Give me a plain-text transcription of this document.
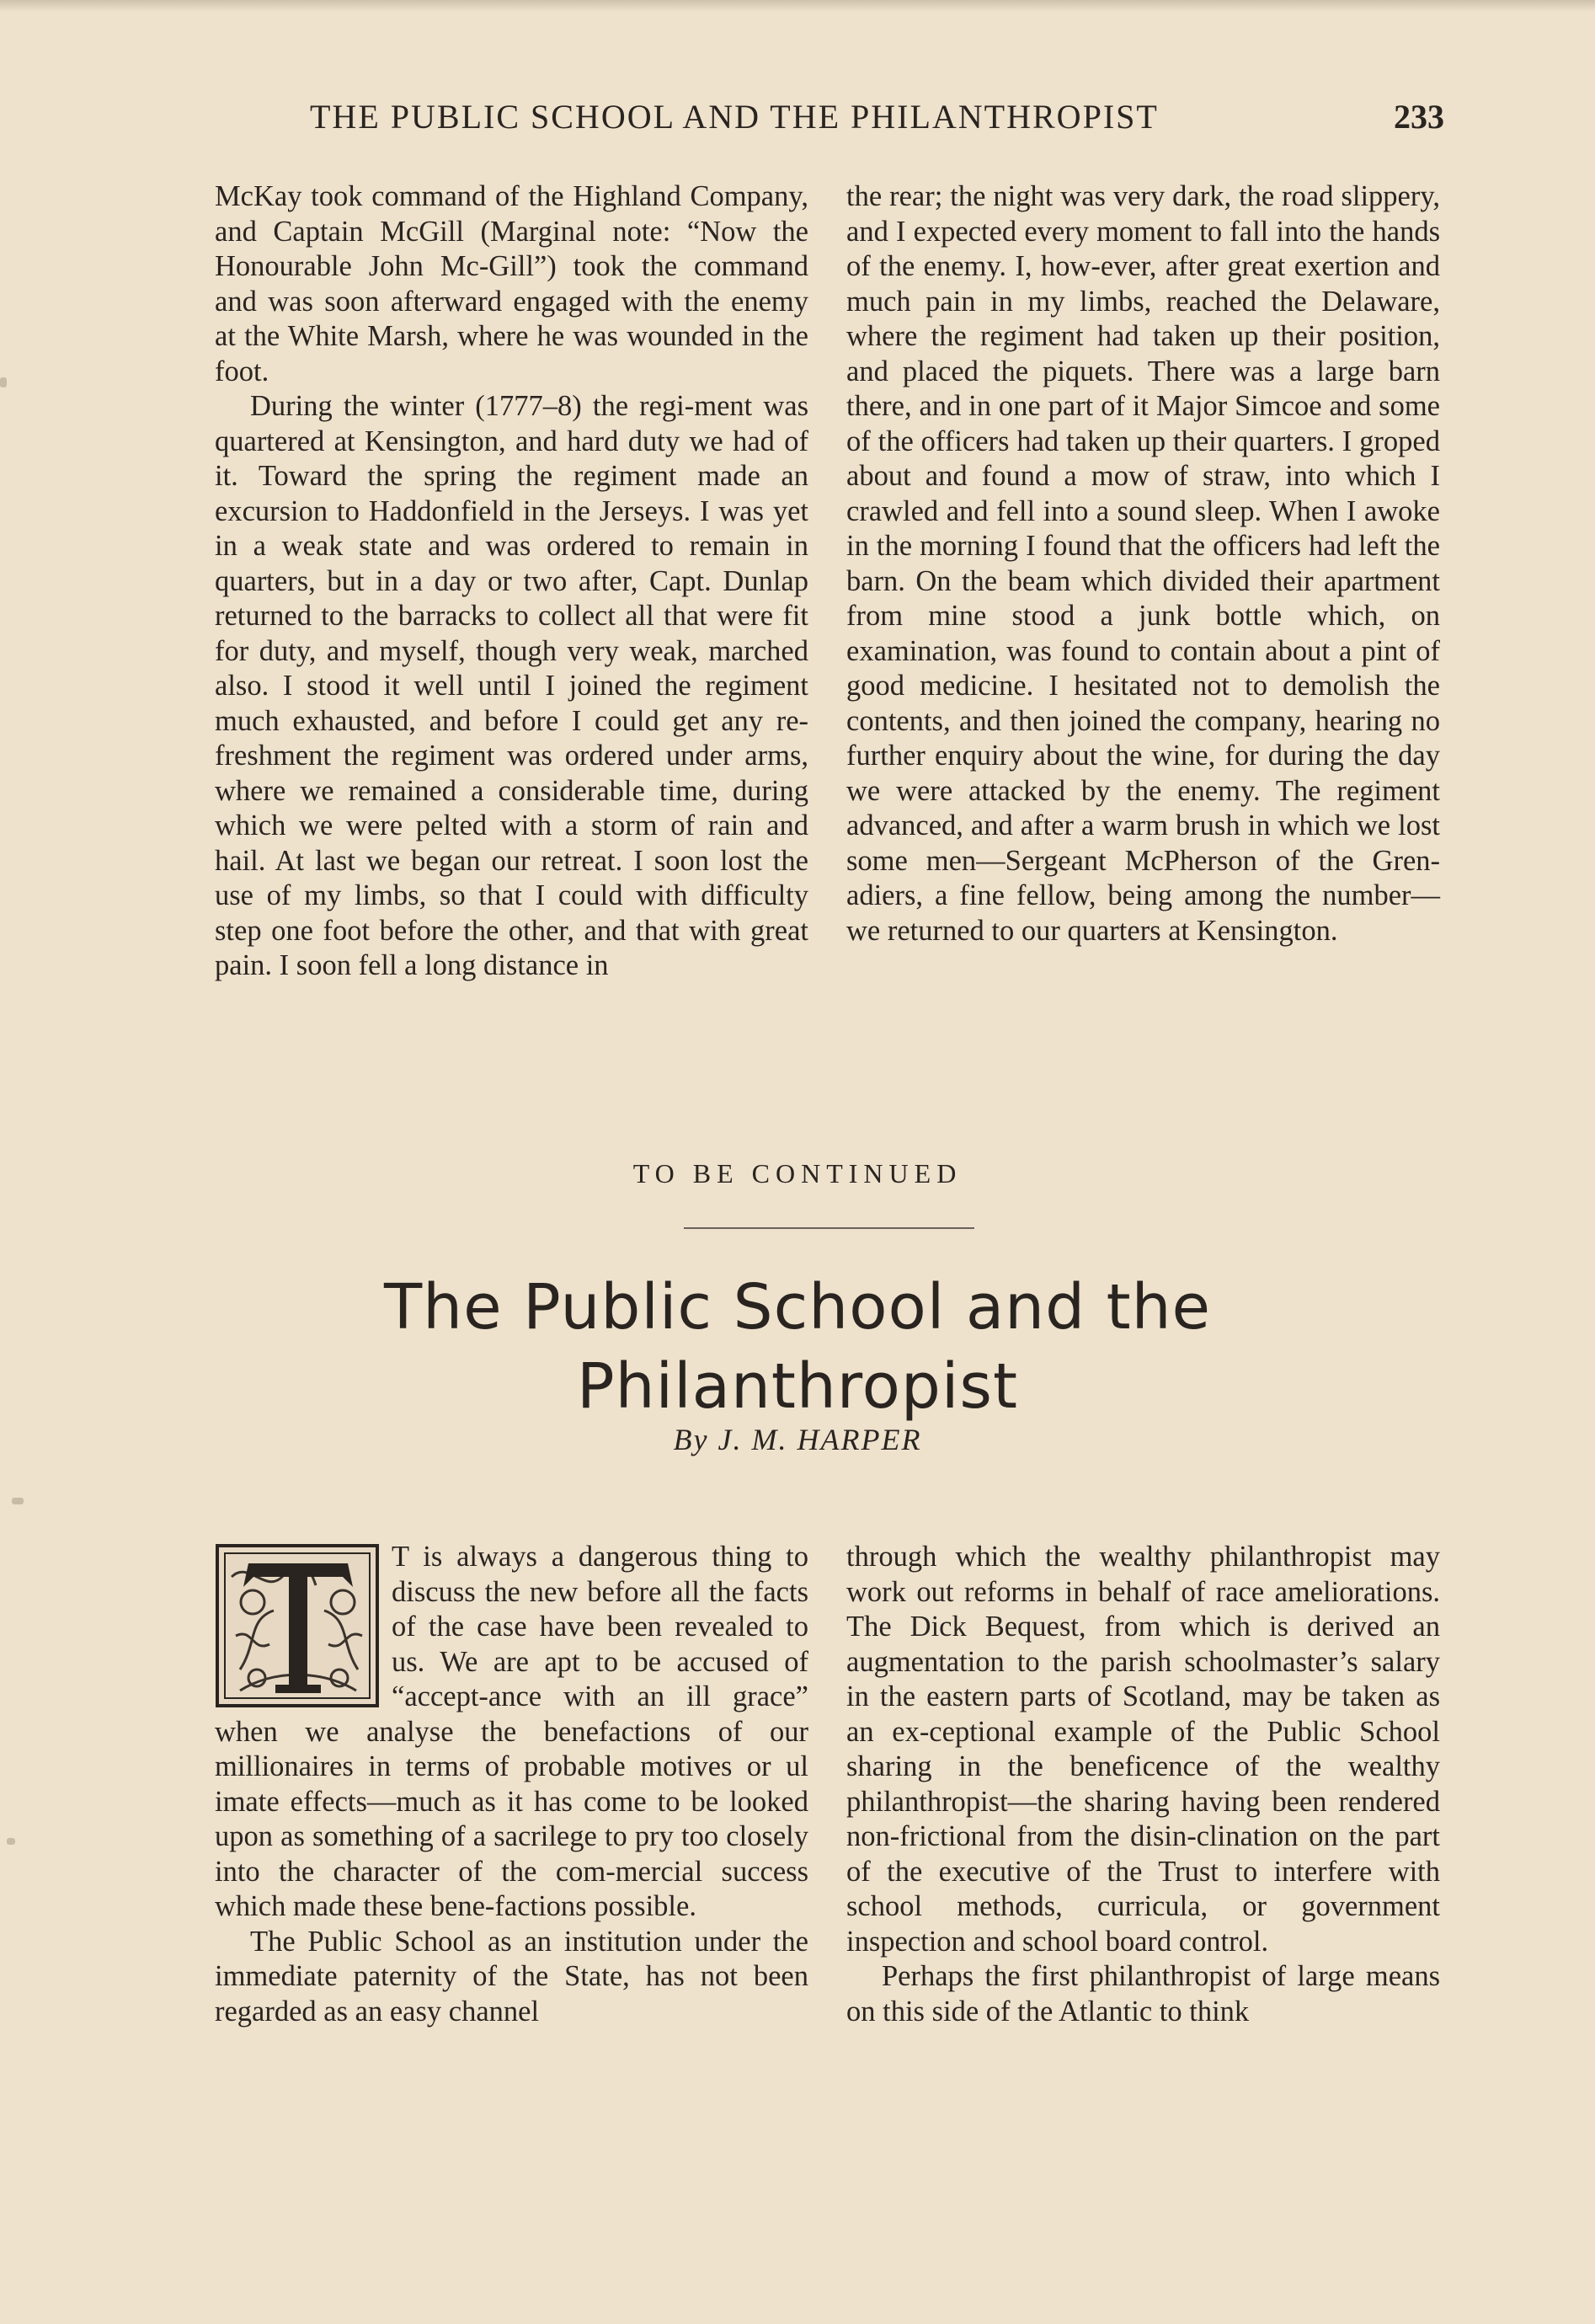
THE PUBLIC SCHOOL AND THE PHILANTHROPIST	233

McKay took command of the Highland Company, and Captain McGill (Marginal note: “Now the Honourable John Mc-Gill”) took the command and was soon afterward engaged with the enemy at the White Marsh, where he was wounded in the foot.

During the winter (1777–8) the regi-ment was quartered at Kensington, and hard duty we had of it. Toward the spring the regiment made an excursion to Haddonfield in the Jerseys. I was yet in a weak state and was ordered to remain in quarters, but in a day or two after, Capt. Dunlap returned to the barracks to collect all that were fit for duty, and myself, though very weak, marched also. I stood it well until I joined the regiment much exhausted, and before I could get any re-freshment the regiment was ordered under arms, where we remained a considerable time, during which we were pelted with a storm of rain and hail. At last we began our retreat. I soon lost the use of my limbs, so that I could with difficulty step one foot before the other, and that with great pain. I soon fell a long distance in

the rear; the night was very dark, the road slippery, and I expected every moment to fall into the hands of the enemy. I, how-ever, after great exertion and much pain in my limbs, reached the Delaware, where the regiment had taken up their position, and placed the piquets. There was a large barn there, and in one part of it Major Simcoe and some of the officers had taken up their quarters. I groped about and found a mow of straw, into which I crawled and fell into a sound sleep. When I awoke in the morning I found that the officers had left the barn. On the beam which divided their apartment from mine stood a junk bottle which, on examination, was found to contain about a pint of good medicine. I hesitated not to demolish the contents, and then joined the company, hearing no further enquiry about the wine, for during the day we were attacked by the enemy. The regiment advanced, and after a warm brush in which we lost some men—Sergeant McPherson of the Gren-adiers, a fine fellow, being among the number—we returned to our quarters at Kensington.

TO BE CONTINUED
The Public School and the
Philanthropist
By J. M. HARPER

T is always a dangerous thing to discuss the new before all the facts of the case have been revealed to us. We are apt to be accused of “accept-ance with an ill grace” when we analyse the benefactions of our millionaires in terms of probable motives or ul imate effects—much as it has come to be looked upon as something of a sacrilege to pry too closely into the character of the com-mercial success which made these bene-factions possible.

The Public School as an institution under the immediate paternity of the State, has not been regarded as an easy channel

through which the wealthy philanthropist may work out reforms in behalf of race ameliorations. The Dick Bequest, from which is derived an augmentation to the parish schoolmaster’s salary in the eastern parts of Scotland, may be taken as an ex-ceptional example of the Public School sharing in the beneficence of the wealthy philanthropist—the sharing having been rendered non-frictional from the disin-clination on the part of the executive of the Trust to interfere with school methods, curricula, or government inspection and school board control.

Perhaps the first philanthropist of large means on this side of the Atlantic to think
